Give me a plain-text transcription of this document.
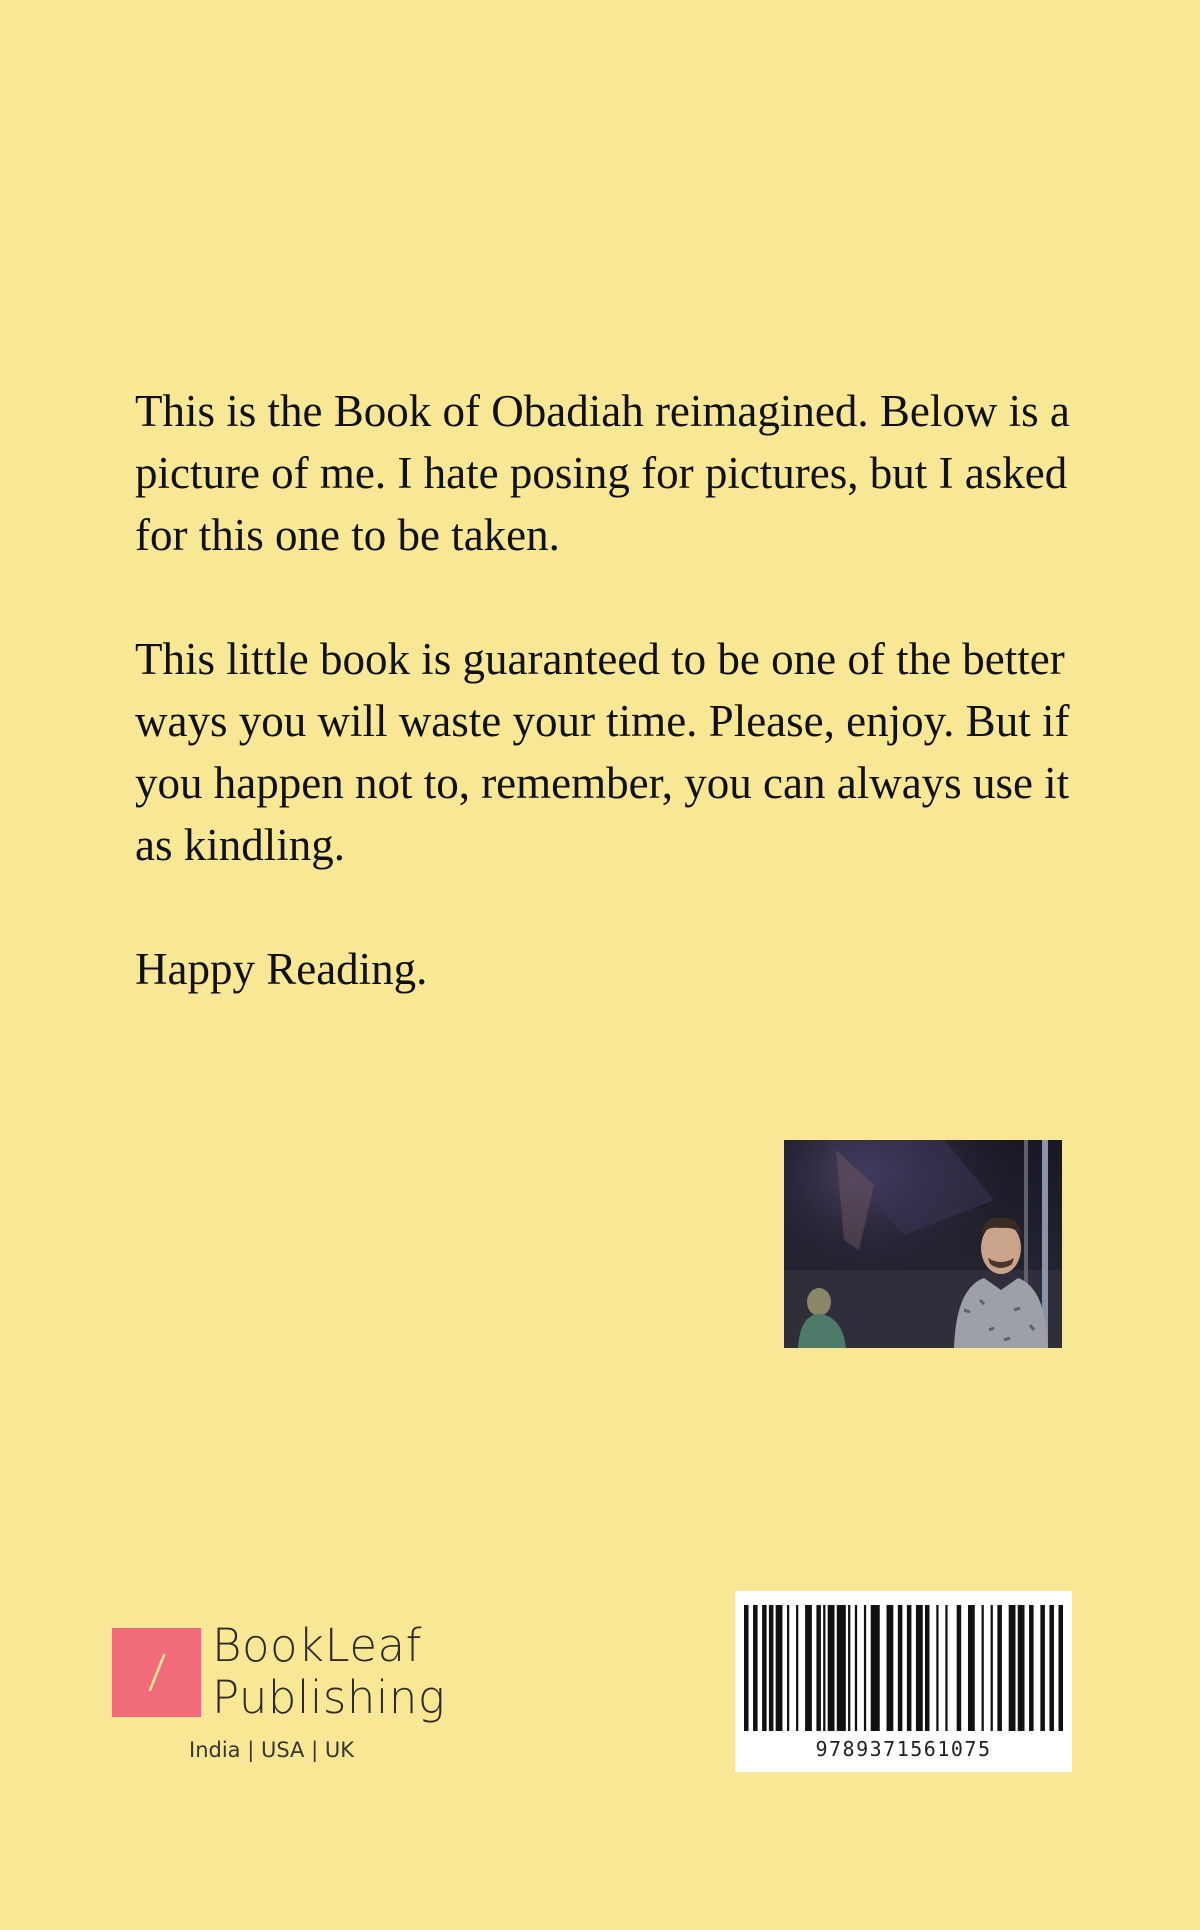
This is the Book of Obadiah reimagined. Below is a picture of me. I hate posing for pictures, but I asked for this one to be taken.

This little book is guaranteed to be one of the better ways you will waste your time. Please, enjoy. But if you happen not to, remember, you can always use it as kindling.

Happy Reading.

BookLeaf
Publishing
India | USA | UK	9789371561075
